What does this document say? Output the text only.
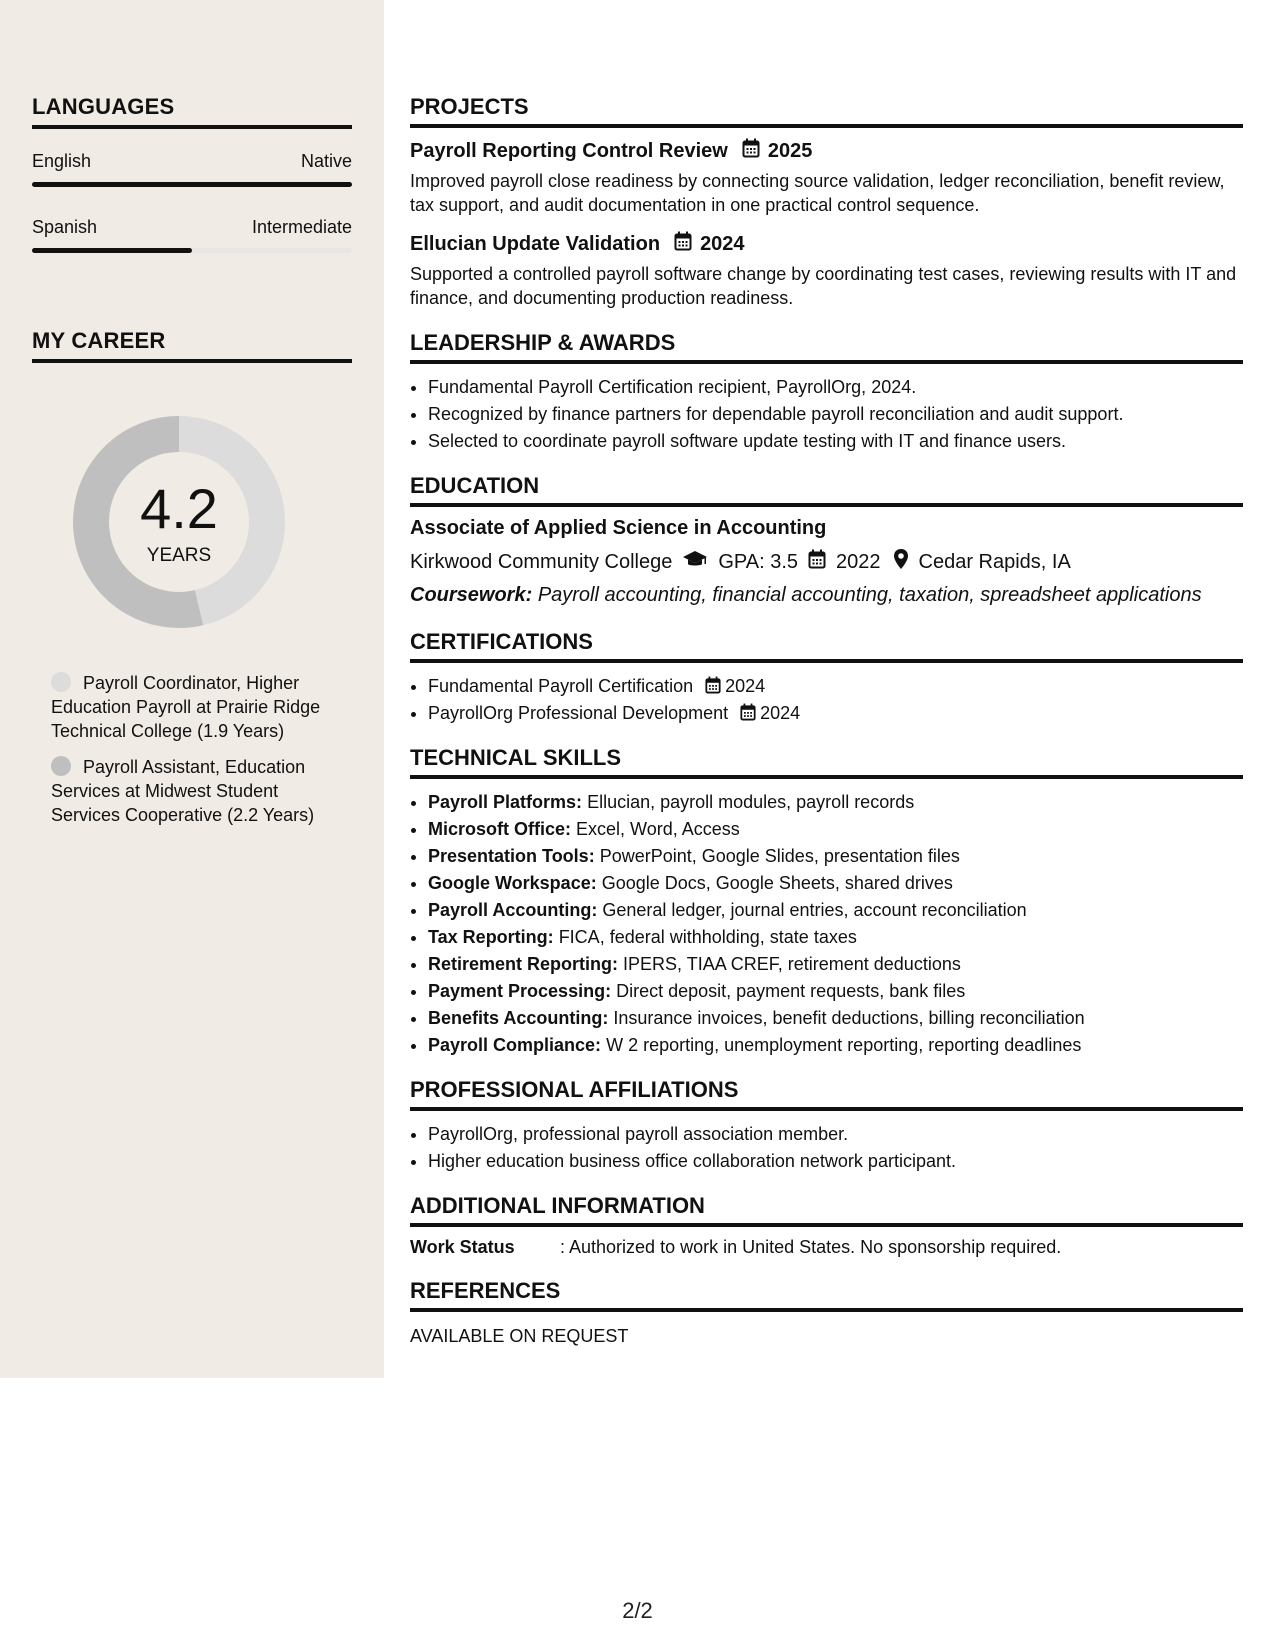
LANGUAGES
English	Native
Spanish	Intermediate
MY CAREER
4.2
YEARS
Payroll Coordinator, Higher Education Payroll at Prairie Ridge Technical College (1.9 Years)
Payroll Assistant, Education Services at Midwest Student Services Cooperative (2.2 Years)
PROJECTS
Payroll Reporting Control Review 2025
Improved payroll close readiness by connecting source validation, ledger reconciliation, benefit review, tax support, and audit documentation in one practical control sequence.
Ellucian Update Validation 2024
Supported a controlled payroll software change by coordinating test cases, reviewing results with IT and finance, and documenting production readiness.
LEADERSHIP & AWARDS
• Fundamental Payroll Certification recipient, PayrollOrg, 2024.
• Recognized by finance partners for dependable payroll reconciliation and audit support.
• Selected to coordinate payroll software update testing with IT and finance users.
EDUCATION
Associate of Applied Science in Accounting
Kirkwood Community College GPA: 3.5 2022 Cedar Rapids, IA
Coursework: Payroll accounting, financial accounting, taxation, spreadsheet applications
CERTIFICATIONS
• Fundamental Payroll Certification 2024
• PayrollOrg Professional Development 2024
TECHNICAL SKILLS
• Payroll Platforms: Ellucian, payroll modules, payroll records
• Microsoft Office: Excel, Word, Access
• Presentation Tools: PowerPoint, Google Slides, presentation files
• Google Workspace: Google Docs, Google Sheets, shared drives
• Payroll Accounting: General ledger, journal entries, account reconciliation
• Tax Reporting: FICA, federal withholding, state taxes
• Retirement Reporting: IPERS, TIAA CREF, retirement deductions
• Payment Processing: Direct deposit, payment requests, bank files
• Benefits Accounting: Insurance invoices, benefit deductions, billing reconciliation
• Payroll Compliance: W 2 reporting, unemployment reporting, reporting deadlines
PROFESSIONAL AFFILIATIONS
• PayrollOrg, professional payroll association member.
• Higher education business office collaboration network participant.
ADDITIONAL INFORMATION
Work Status	: Authorized to work in United States. No sponsorship required.
REFERENCES
AVAILABLE ON REQUEST
2/2
